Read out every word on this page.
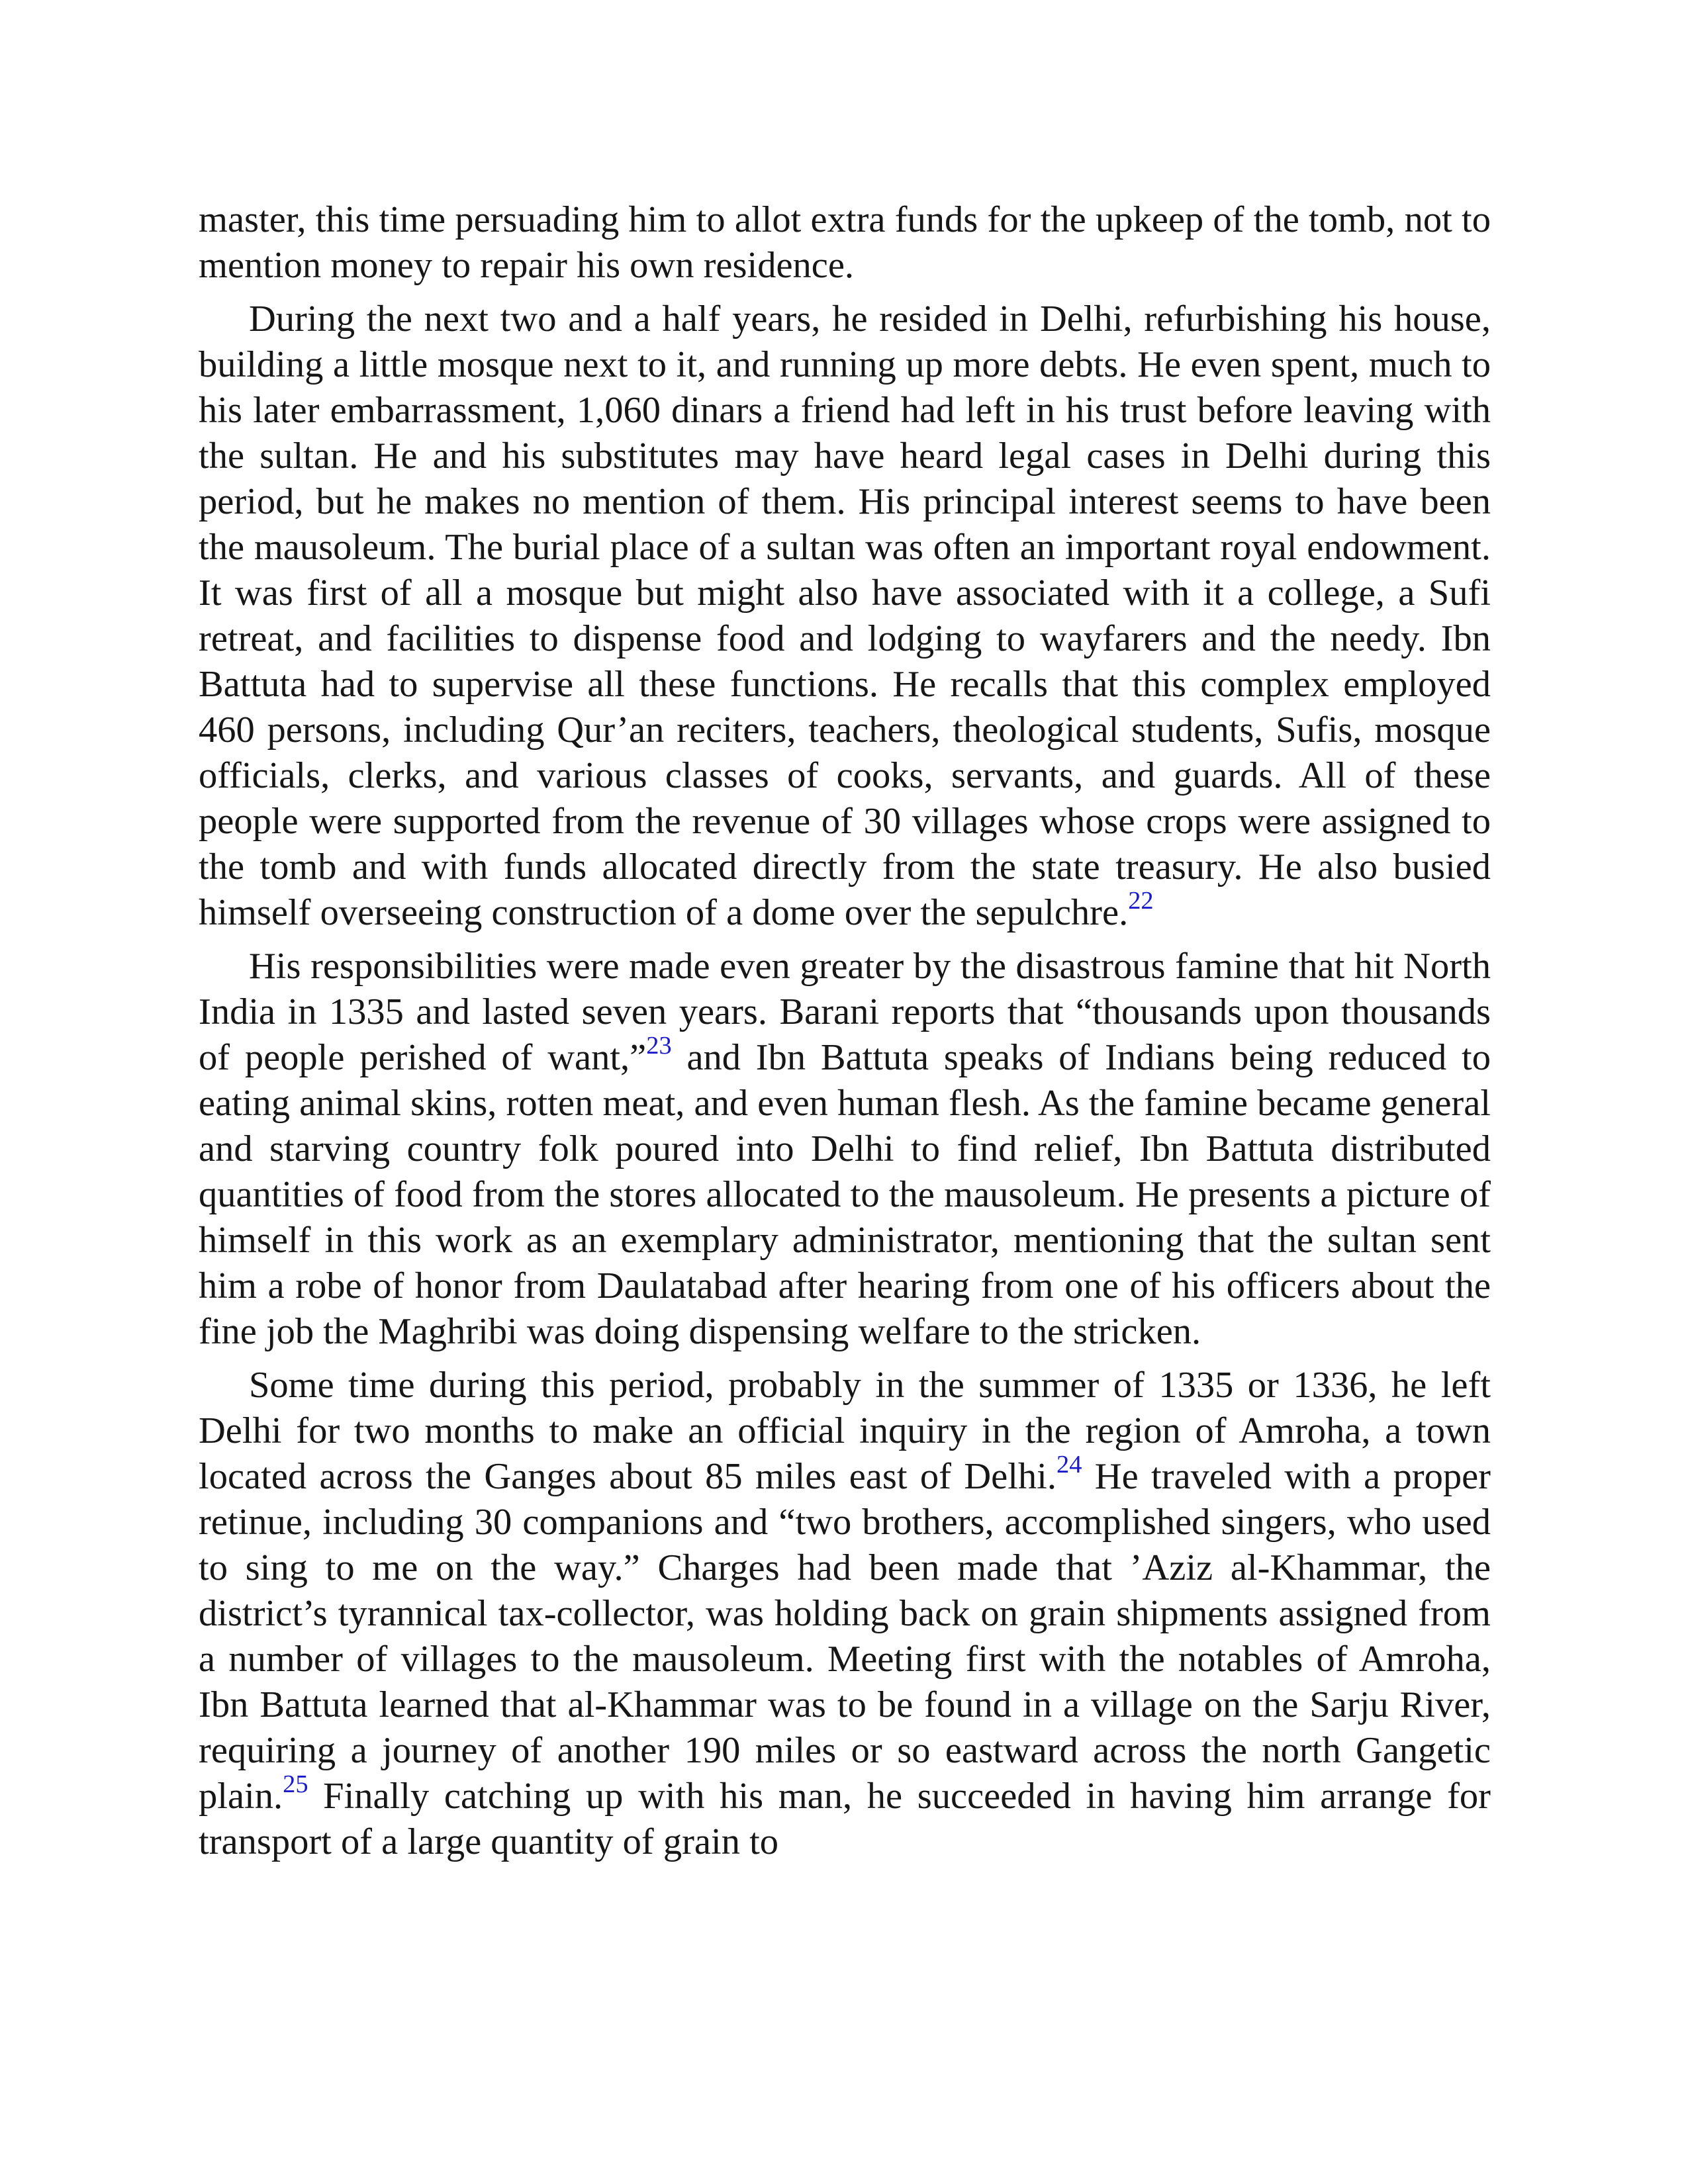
master, this time persuading him to allot extra funds for the upkeep of the tomb, not to mention money to repair his own residence.

During the next two and a half years, he resided in Delhi, refurbishing his house, building a little mosque next to it, and running up more debts. He even spent, much to his later embarrassment, 1,060 dinars a friend had left in his trust before leaving with the sultan. He and his substitutes may have heard legal cases in Delhi during this period, but he makes no mention of them. His principal interest seems to have been the mausoleum. The burial place of a sultan was often an important royal endowment. It was first of all a mosque but might also have associated with it a college, a Sufi retreat, and facilities to dispense food and lodging to wayfarers and the needy. Ibn Battuta had to supervise all these functions. He recalls that this complex employed 460 persons, including Qur’an reciters, teachers, theological students, Sufis, mosque officials, clerks, and various classes of cooks, servants, and guards. All of these people were supported from the revenue of 30 villages whose crops were assigned to the tomb and with funds allocated directly from the state treasury. He also busied himself overseeing construction of a dome over the sepulchre.$^{22}$

His responsibilities were made even greater by the disastrous famine that hit North India in 1335 and lasted seven years. Barani reports that “thousands upon thousands of people perished of want,”$^{23}$ and Ibn Battuta speaks of Indians being reduced to eating animal skins, rotten meat, and even human flesh. As the famine became general and starving country folk poured into Delhi to find relief, Ibn Battuta distributed quantities of food from the stores allocated to the mausoleum. He presents a picture of himself in this work as an exemplary administrator, mentioning that the sultan sent him a robe of honor from Daulatabad after hearing from one of his officers about the fine job the Maghribi was doing dispensing welfare to the stricken.

Some time during this period, probably in the summer of 1335 or 1336, he left Delhi for two months to make an official inquiry in the region of Amroha, a town located across the Ganges about 85 miles east of Delhi.$^{24}$ He traveled with a proper retinue, including 30 companions and “two brothers, accomplished singers, who used to sing to me on the way.” Charges had been made that ’Aziz al-Khammar, the district’s tyrannical tax-collector, was holding back on grain shipments assigned from a number of villages to the mausoleum. Meeting first with the notables of Amroha, Ibn Battuta learned that al-Khammar was to be found in a village on the Sarju River, requiring a journey of another 190 miles or so eastward across the north Gangetic plain.$^{25}$ Finally catching up with his man, he succeeded in having him arrange for transport of a large quantity of grain to
